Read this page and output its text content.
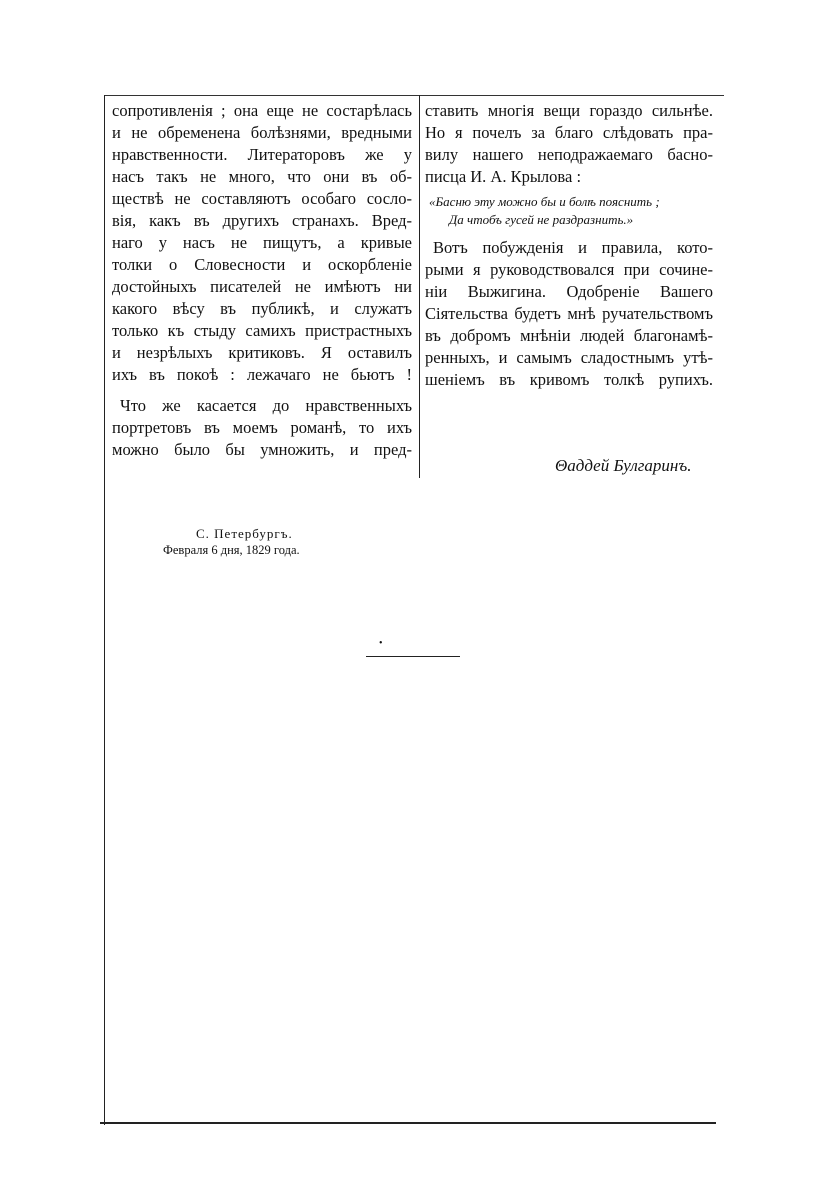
сопротивленія ; она еще не состарѣлась
и не обременена болѣзнями, вредными
нравственности. Литераторовъ же у
насъ такъ не много, что они въ об-
ществѣ не составляютъ особаго сосло-
вія, какъ въ другихъ странахъ. Вред-
наго у насъ не пищутъ, а кривые
толки о Словесности и оскорбленіе
достойныхъ писателей не имѣютъ ни
какого вѣсу въ публикѣ, и служатъ
только къ стыду самихъ пристрастныхъ
и незрѣлыхъ критиковъ. Я оставилъ
ихъ въ покоѣ : лежачаго не бьютъ !
Что же касается до нравственныхъ
портретовъ въ моемъ романѣ, то ихъ
можно было бы умножить, и пред-
ставить многія вещи гораздо сильнѣе.
Но я почелъ за благо слѣдовать пра-
вилу нашего неподражаемаго басно-
писца И. А. Крылова :
«Басню эту можно бы и болѣ пояснить ;
Да чтобъ гусей не раздразнить.»
Вотъ побужденія и правила, кото-
рыми я руководствовался при сочине-
ніи Выжигина. Одобреніе Вашего
Сіятельства будетъ мнѣ ручательствомъ
въ добромъ мнѣніи людей благонамѣ-
ренныхъ, и самымъ сладостнымъ утѣ-
шеніемъ въ кривомъ толкѣ рупихъ.
Θаддей Булгаринъ.
С. Петербургъ.
Февраля 6 дня, 1829 года.
•
